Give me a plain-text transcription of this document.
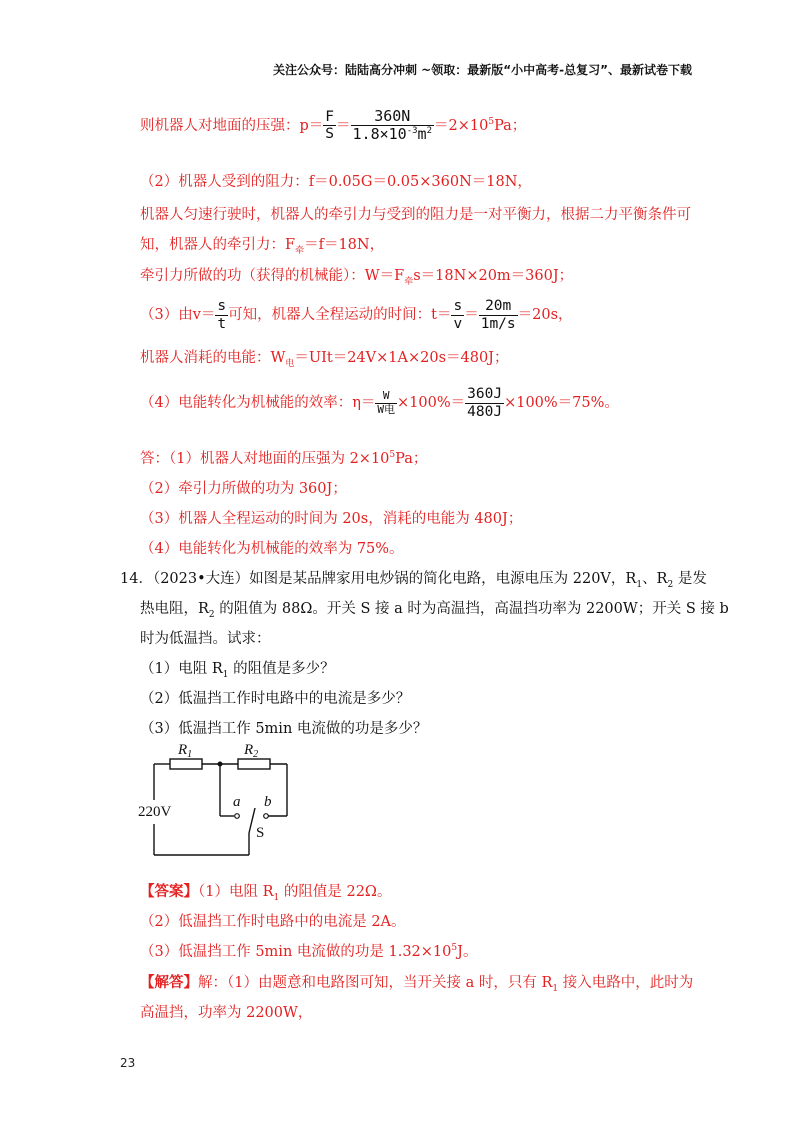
关注公众号：陆陆高分冲刺 ~领取：最新版“小中高考-总复习”、最新试卷下载
则机器人对地面的压强：$p= \frac{F}{S} = \frac{360N}{1.8\times 10^{-3}m^2} =2\times 10^5Pa$；
（2）机器人受到的阻力：f＝0.05G＝0.05×360N＝18N，
机器人匀速行驶时，机器人的牵引力与受到的阻力是一对平衡力，根据二力平衡条件可
知，机器人的牵引力：$F_牵=f=18N$，
牵引力所做的功（获得的机械能）：$W=F_牵s=18N\times 20m=360J$；
（3）由$v= \frac{s}{t}$ 可知，机器人全程运动的时间：$t= \frac{s}{v} = \frac{20m}{1m/s} =20s$，
机器人消耗的电能：$W_电=UIt=24V\times 1A\times 20s=480J$；
（4）电能转化为机械能的效率：η＝ W
W电 $\times 100\%= \frac{360J}{480J} \times 100\%=75\%$。
答：（1）机器人对地面的压强为 $2\times 10^5Pa$；
（2）牵引力所做的功为 360J；
（3）机器人全程运动的时间为 20s，消耗的电能为 480J；
（4）电能转化为机械能的效率为 75%。
14．（2023•大连）如图是某品牌家用电炒锅的简化电路，电源电压为 220V，$R_1$、$R_2$ 是发
热电阻，$R_2$ 的阻值为 88Ω。开关 S 接 a 时为高温挡，高温挡功率为 2200W；开关 S 接 b
时为低温挡。试求：
（1）电阻 $R_1$ 的阻值是多少？
（2）低温挡工作时电路中的电流是多少？
（3）低温挡工作 5min 电流做的功是多少？
$R_1$	$R_2$
220V
a b
S
【答案】（1）电阻 $R_1$ 的阻值是 22Ω。
（2）低温挡工作时电路中的电流是 2A。
（3）低温挡工作 5min 电流做的功是 $1.32\times 10^5J$。
【解答】解：（1）由题意和电路图可知，当开关接 a 时，只有 $R_1$ 接入电路中，此时为
高温挡，功率为 2200W，
23
